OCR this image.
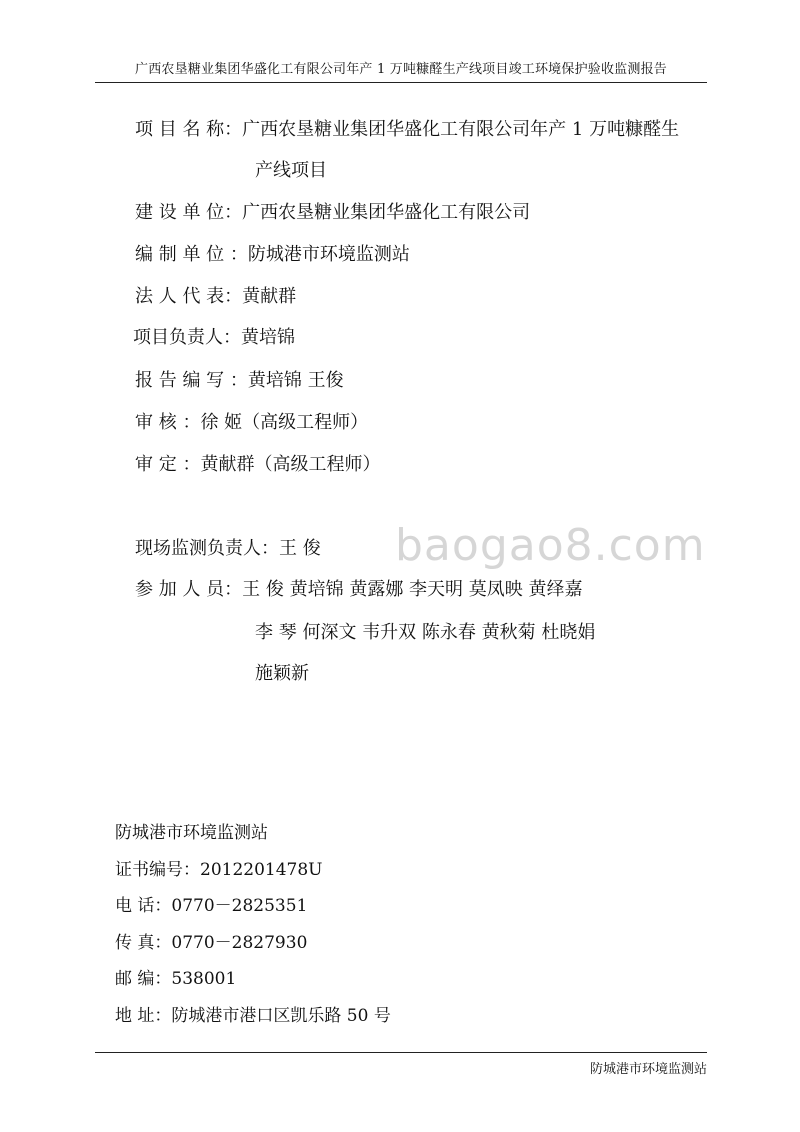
广西农垦糖业集团华盛化工有限公司年产 1 万吨糠醛生产线项目竣工环境保护验收监测报告
项 目 名 称：广西农垦糖业集团华盛化工有限公司年产 1 万吨糠醛生
产线项目
建 设 单 位：广西农垦糖业集团华盛化工有限公司
编 制 单 位 ：防城港市环境监测站
法 人 代 表：黄献群
项目负责人：黄培锦
报 告 编 写 ：黄培锦 王俊
审 核 ：徐 姬（高级工程师）
审 定 ：黄献群（高级工程师）
baogao8.com
现场监测负责人：王 俊
参 加 人 员：王 俊 黄培锦 黄露娜 李天明 莫凤映 黄绎嘉
李 琴 何深文 韦升双 陈永春 黄秋菊 杜晓娟
施颖新
防城港市环境监测站
证书编号：2012201478U
电 话：0770－2825351
传 真：0770－2827930
邮 编：538001
地 址：防城港市港口区凯乐路 50 号
防城港市环境监测站
